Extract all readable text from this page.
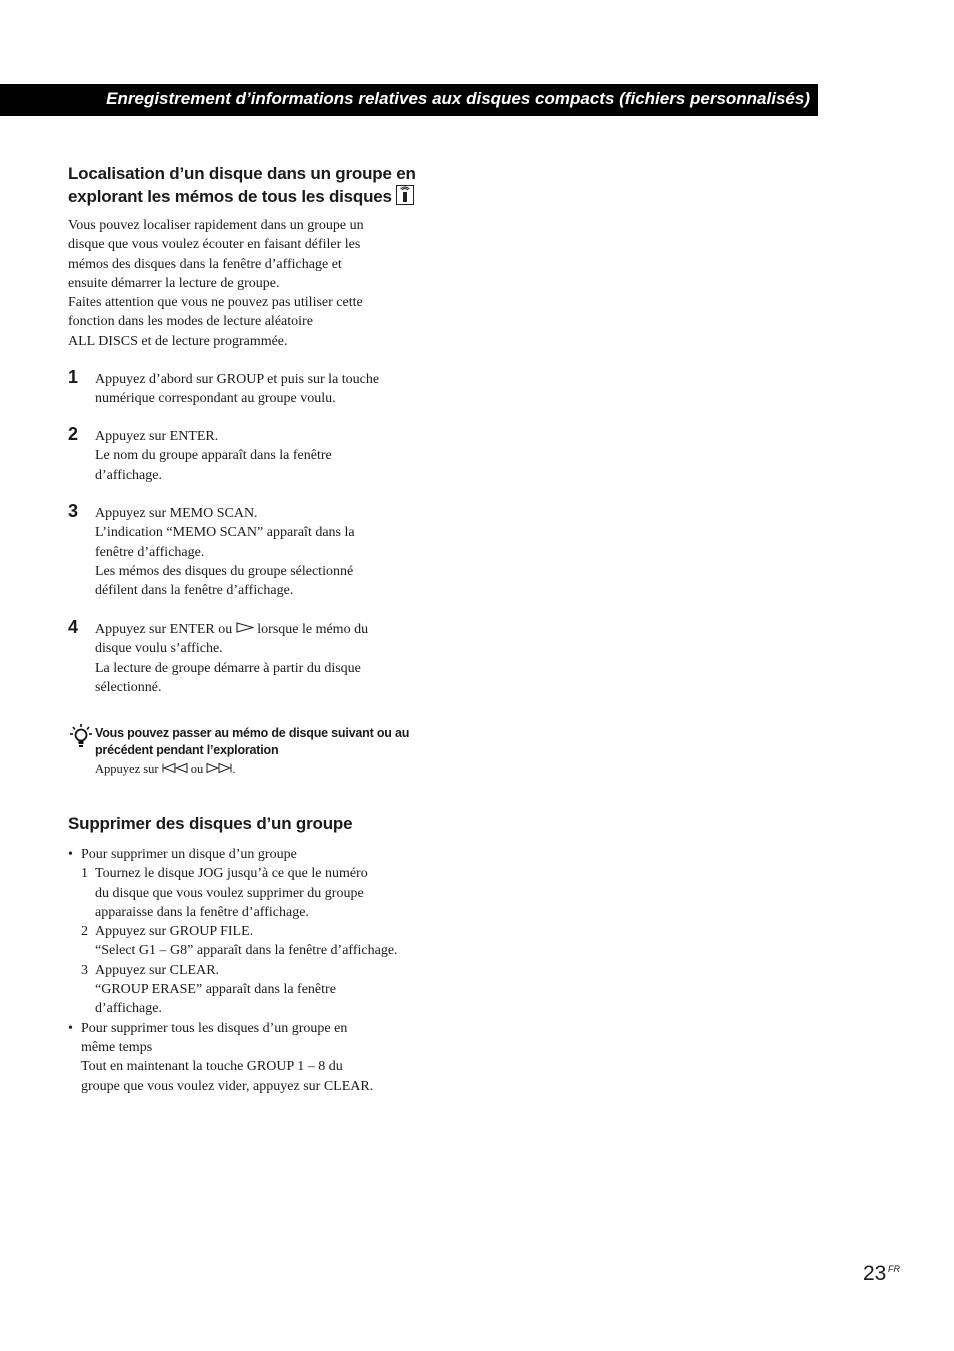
Enregistrement d’informations relatives aux disques compacts (fichiers personnalisés)
Localisation d’un disque dans un groupe en
explorant les mémos de tous les disques

Vous pouvez localiser rapidement dans un groupe un

disque que vous voulez écouter en faisant défiler les

mémos des disques dans la fenêtre d’affichage et

ensuite démarrer la lecture de groupe.

Faites attention que vous ne pouvez pas utiliser cette

fonction dans les modes de lecture aléatoire

ALL DISCS et de lecture programmée.

1 Appuyez d’abord sur GROUP et puis sur la touche

numérique correspondant au groupe voulu.

2 Appuyez sur ENTER.

Le nom du groupe apparaît dans la fenêtre

d’affichage.

3 Appuyez sur MEMO SCAN.

L’indication “MEMO SCAN” apparaît dans la

fenêtre d’affichage.

Les mémos des disques du groupe sélectionné

défilent dans la fenêtre d’affichage.

4 Appuyez sur ENTER ou lorsque le mémo du

disque voulu s’affiche.

La lecture de groupe démarre à partir du disque

sélectionné.

Vous pouvez passer au mémo de disque suivant ou au
précédent pendant l’exploration
Appuyez sur	ou .
Supprimer des disques d’un groupe
• Pour supprimer un disque d’un groupe
1 Tournez le disque JOG jusqu’à ce que le numéro
du disque que vous voulez supprimer du groupe
apparaisse dans la fenêtre d’affichage.
2 Appuyez sur GROUP FILE.
“Select G1 – G8” apparaît dans la fenêtre d’affichage.
3 Appuyez sur CLEAR.
“GROUP ERASE” apparaît dans la fenêtre
d’affichage.
• Pour supprimer tous les disques d’un groupe en
même temps
Tout en maintenant la touche GROUP 1 – 8 du
groupe que vous voulez vider, appuyez sur CLEAR.
23 FR
